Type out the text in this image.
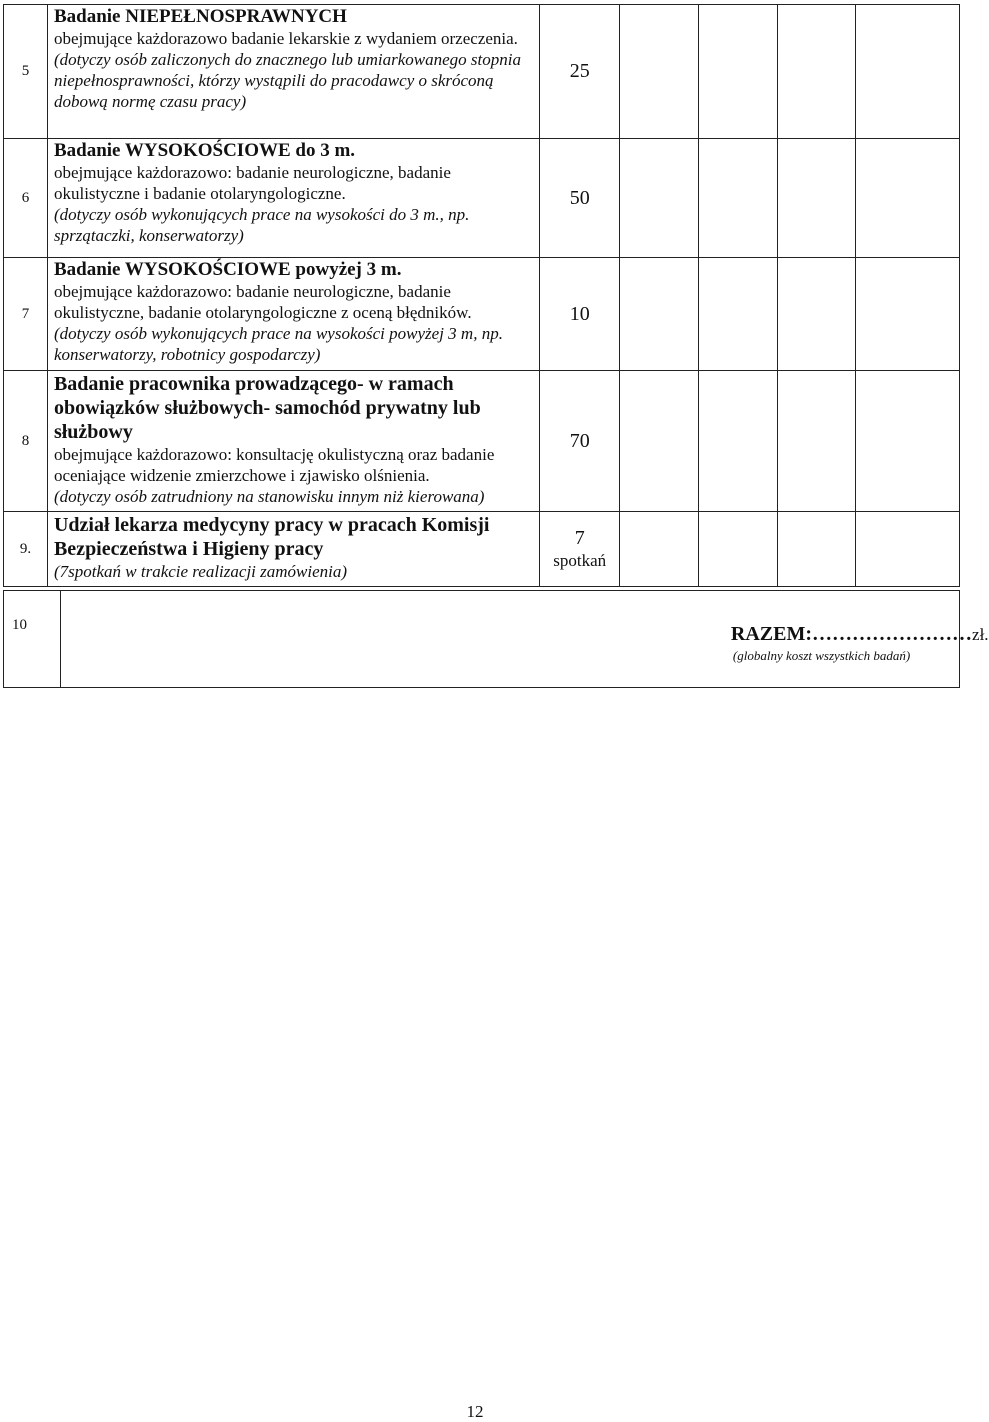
5	Badanie NIEPEŁNOSPRAWNYCH
obejmujące każdorazowo badanie lekarskie z wydaniem orzeczenia.
(dotyczy osób zaliczonych do znacznego lub umiarkowanego stopnia niepełnosprawności, którzy wystąpili do pracodawcy o skróconą dobową normę czasu pracy)	25				
6	Badanie WYSOKOŚCIOWE do 3 m.
obejmujące każdorazowo: badanie neurologiczne, badanie okulistyczne i badanie otolaryngologiczne.
(dotyczy osób wykonujących prace na wysokości do 3 m., np. sprzątaczki, konserwatorzy)	50				
7	Badanie WYSOKOŚCIOWE powyżej 3 m.
obejmujące każdorazowo: badanie neurologiczne, badanie okulistyczne, badanie otolaryngologiczne z oceną błędników.
(dotyczy osób wykonujących prace na wysokości powyżej 3 m, np. konserwatorzy, robotnicy gospodarczy)	10				
8	Badanie pracownika prowadzącego- w ramach obowiązków służbowych- samochód prywatny lub służbowy
obejmujące każdorazowo: konsultację okulistyczną oraz badanie oceniające widzenie zmierzchowe i zjawisko olśnienia.
(dotyczy osób zatrudniony na stanowisku innym niż kierowana)	70				
9.	Udział lekarza medycyny pracy w pracach Komisji Bezpieczeństwa i Higieny pracy
(7spotkań w trakcie realizacji zamówienia)	7
spotkań				

10	RAZEM:……………………zł.
(globalny koszt wszystkich badań)
12
